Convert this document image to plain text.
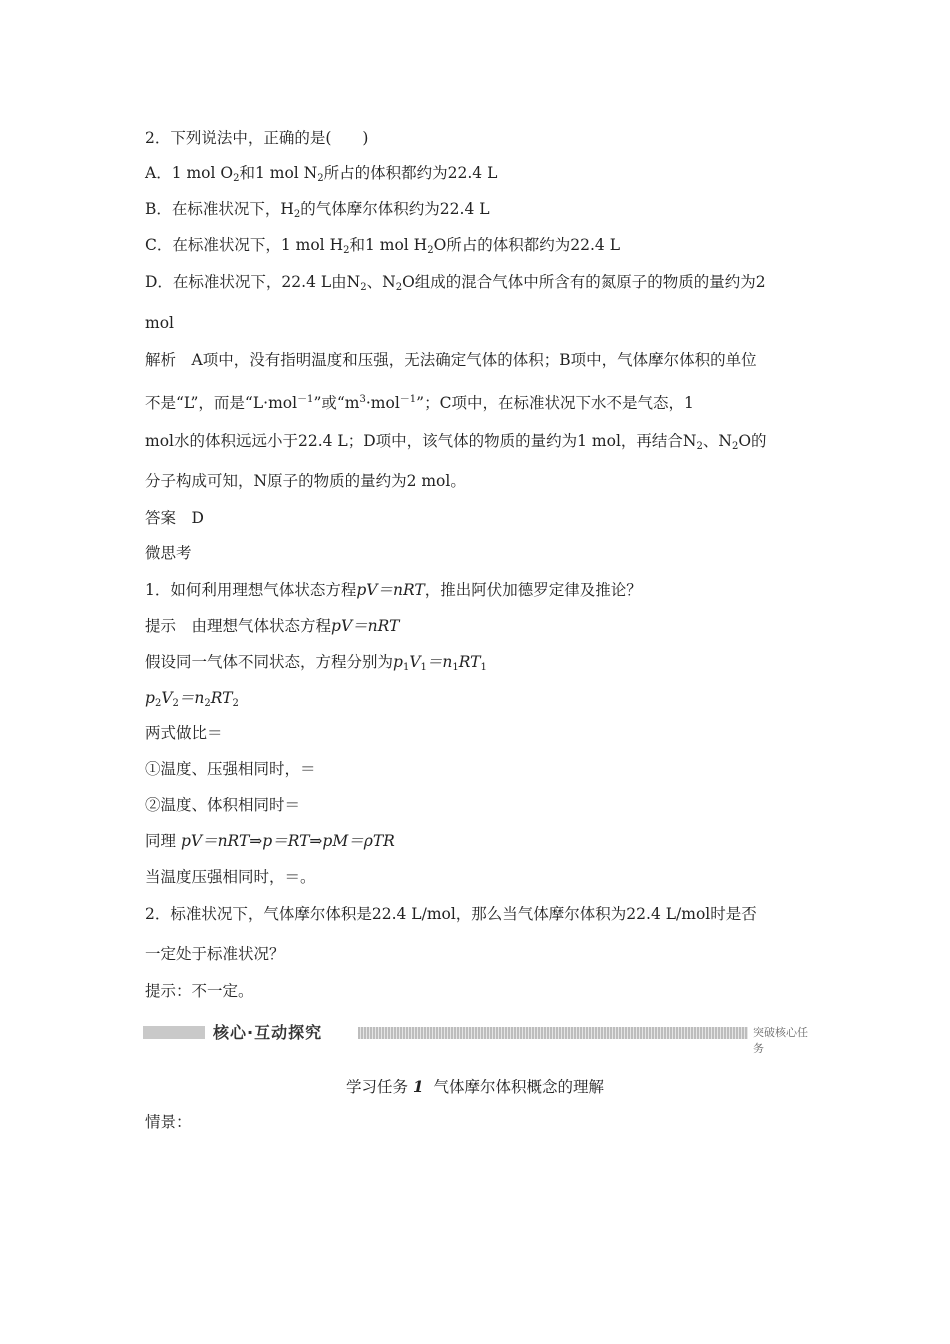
2．下列说法中，正确的是(　　)
A．1 mol $O_2$和1 mol $N_2$所占的体积都约为22.4 L
B．在标准状况下，$H_2$的气体摩尔体积约为22.4 L
C．在标准状况下，1 mol $H_2$和1 mol $H_2O$所占的体积都约为22.4 L
D．在标准状况下，22.4 L由$N_2$、$N_2O$组成的混合气体中所含有的氮原子的物质的量约为2
mol
解析　A项中，没有指明温度和压强，无法确定气体的体积；B项中，气体摩尔体积的单位
不是“L”，而是“L·mol$^{-1}$”或“$m^3\cdot mol^{-1}$”；C项中，在标准状况下水不是气态，1
mol水的体积远远小于22.4 L；D项中，该气体的物质的量约为1 mol，再结合$N_2$、$N_2O$的
分子构成可知，N原子的物质的量约为2 mol。
答案　D
微思考
1．如何利用理想气体状态方程pV＝nRT，推出阿伏加德罗定律及推论？
提示　由理想气体状态方程pV＝nRT
假设同一气体不同状态，方程分别为$p_1V_1=n_1RT_1$
$p_2V_2=n_2RT_2$
两式做比＝
①温度、压强相同时，＝
②温度、体积相同时＝
同理 pV＝nRT⇒p＝RT⇒pM＝ρTR
当温度压强相同时，＝。
2．标准状况下，气体摩尔体积是22.4 L/mol，那么当气体摩尔体积为22.4 L/mol时是否
一定处于标准状况？
提示：不一定。
核心·互动探究	突破核心任务
学习任务 1 气体摩尔体积概念的理解
情景：
